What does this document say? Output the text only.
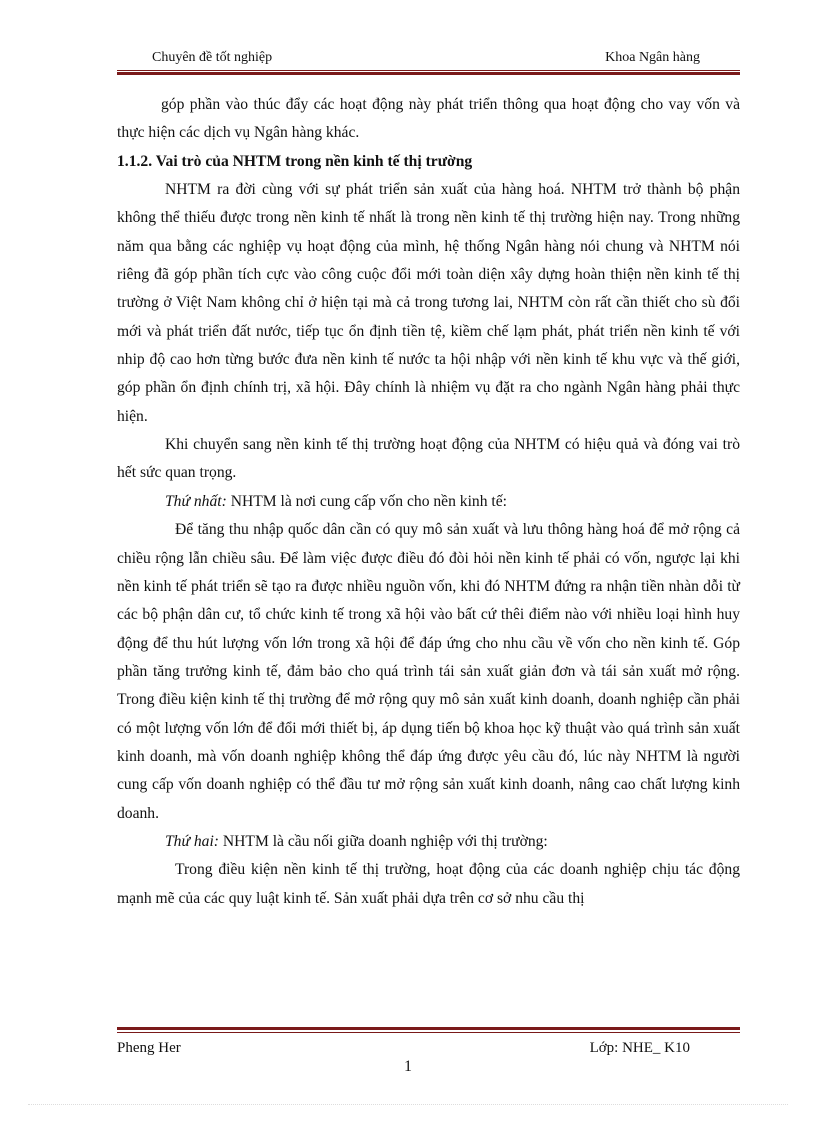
Chuyên đề tốt nghiệp	Khoa Ngân hàng

góp phần vào thúc đẩy các hoạt động này phát triển thông qua hoạt động cho vay vốn và thực hiện các dịch vụ Ngân hàng khác.

1.1.2. Vai trò của NHTM trong nền kinh tế thị trường

NHTM ra đời cùng với sự phát triển sản xuất của hàng hoá. NHTM trở thành bộ phận không thể thiếu được trong nền kinh tế nhất là trong nền kinh tế thị trường hiện nay. Trong những năm qua bằng các nghiệp vụ hoạt động của mình, hệ thống Ngân hàng nói chung và NHTM nói riêng đã góp phần tích cực vào công cuộc đổi mới toàn diện xây dựng hoàn thiện nền kinh tế thị trường ở Việt Nam không chỉ ở hiện tại mà cả trong tương lai, NHTM còn rất cần thiết cho sù đổi mới và phát triển đất nước, tiếp tục ổn định tiền tệ, kiềm chế lạm phát, phát triển nền kinh tế với nhip độ cao hơn từng bước đưa nền kinh tế nước ta hội nhập với nền kinh tế khu vực và thế giới, góp phần ổn định chính trị, xã hội. Đây chính là nhiệm vụ đặt ra cho ngành Ngân hàng phải thực hiện.

Khi chuyển sang nền kinh tế thị trường hoạt động của NHTM có hiệu quả và đóng vai trò hết sức quan trọng.

Thứ nhất: NHTM là nơi cung cấp vốn cho nền kinh tế:

Để tăng thu nhập quốc dân cần có quy mô sản xuất và lưu thông hàng hoá để mở rộng cả chiều rộng lẫn chiều sâu. Để làm việc được điều đó đòi hỏi nền kinh tế phải có vốn, ngược lại khi nền kinh tế phát triển sẽ tạo ra được nhiều nguồn vốn, khi đó NHTM đứng ra nhận tiền nhàn dỗi từ các bộ phận dân cư, tổ chức kinh tế trong xã hội vào bất cứ thêi điểm nào với nhiều loại hình huy động để thu hút lượng vốn lớn trong xã hội để đáp ứng cho nhu cầu về vốn cho nền kinh tế. Góp phần tăng trưởng kinh tế, đảm bảo cho quá trình tái sản xuất giản đơn và tái sản xuất mở rộng. Trong điều kiện kinh tế thị trường để mở rộng quy mô sản xuất kinh doanh, doanh nghiệp cần phải có một lượng vốn lớn để đổi mới thiết bị, áp dụng tiến bộ khoa học kỹ thuật vào quá trình sản xuất kinh doanh, mà vốn doanh nghiệp không thể đáp ứng được yêu cầu đó, lúc này NHTM là người cung cấp vốn doanh nghiệp có thể đầu tư mở rộng sản xuất kinh doanh, nâng cao chất lượng kinh doanh.

Thứ hai: NHTM là cầu nối giữa doanh nghiệp với thị trường:

Trong điều kiện nền kinh tế thị trường, hoạt động của các doanh nghiệp chịu tác động mạnh mẽ của các quy luật kinh tế. Sản xuất phải dựa trên cơ sở nhu cầu thị

Pheng Her	Lớp: NHE_ K10
1
